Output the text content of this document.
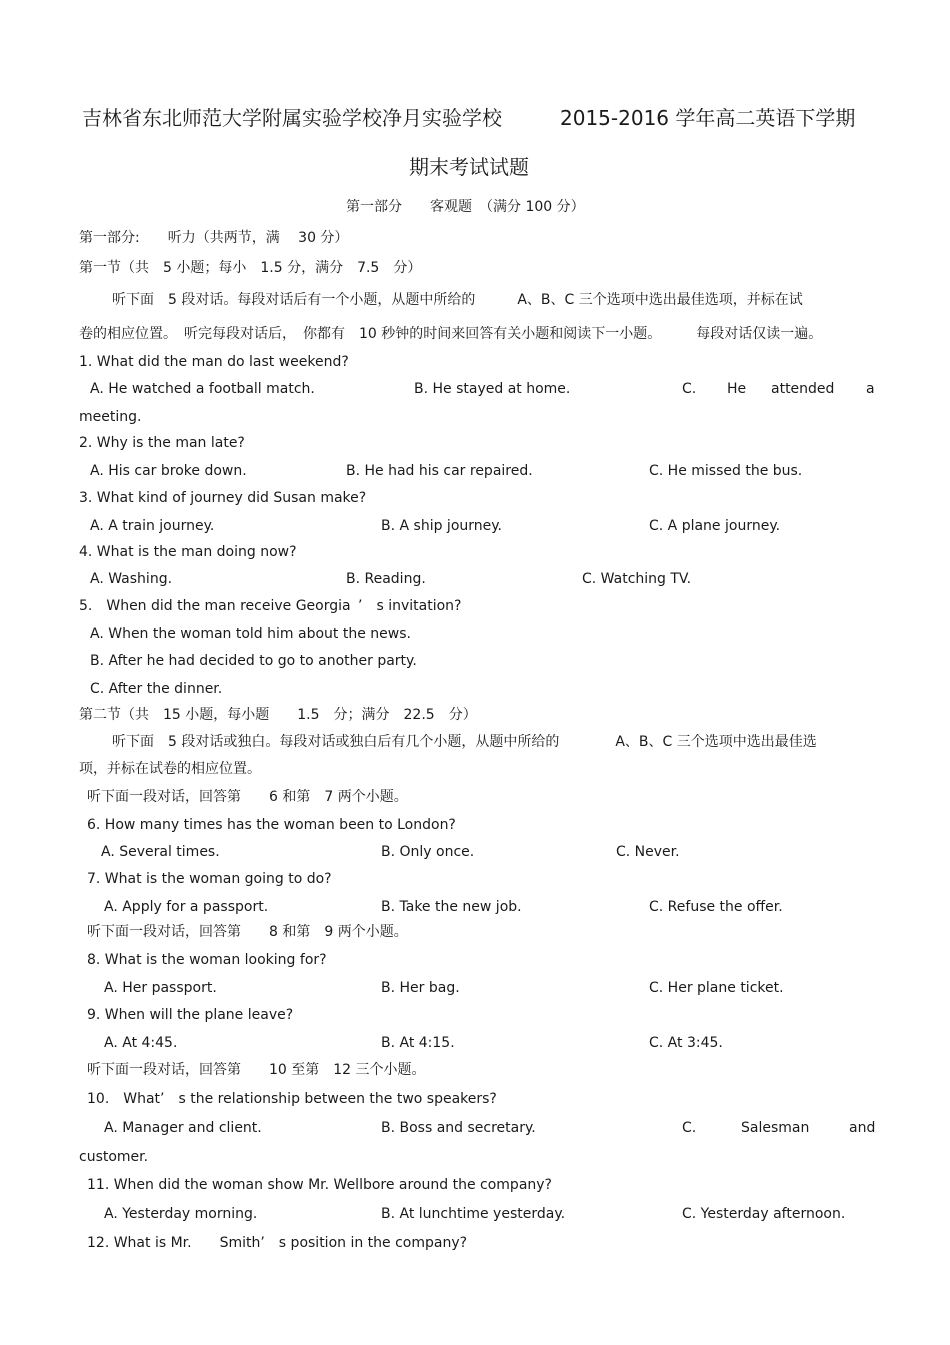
吉林省东北师范大学附属实验学校净月实验学校	2015-2016 学年高二英语下学期
期末考试试题
第一部分　　客观题　（满分 100 分）
第一部分:　　听力（共两节，满　 30 分）
第一节（共　5 小题；每小　1.5 分，满分　7.5　分）
听下面　5 段对话。每段对话后有一个小题，从题中所给的　　　A、B、C 三个选项中选出最佳选项，并标在试
卷的相应位置。　听完每段对话后，　你都有　10 秒钟的时间来回答有关小题和阅读下一小题。　　　每段对话仅读一遍。
1. What did the man do last weekend?
A. He watched a football match.	B. He stayed at home.	C. He attended a
meeting.
2. Why is the man late?
A. His car broke down.	B. He had his car repaired.	C. He missed the bus.
3. What kind of journey did Susan make?
A. A train journey.	B. A ship journey.	C. A plane journey.
4. What is the man doing now?
A. Washing.	B. Reading.	C. Watching TV.
5.　When did the man receive Georgia ’　s invitation?
A. When the woman told him about the news.
B. After he had decided to go to another party.
C. After the dinner.
第二节（共　15 小题，每小题　　1.5　分；满分　22.5　分）
听下面　5 段对话或独白。每段对话或独白后有几个小题，从题中所给的　　　　A、B、C 三个选项中选出最佳选
项，并标在试卷的相应位置。
听下面一段对话，回答第　　6 和第　7 两个小题。
6. How many times has the woman been to London?
A. Several times.	B. Only once.	C. Never.
7. What is the woman going to do?
A. Apply for a passport.	B. Take the new job.	C. Refuse the offer.
听下面一段对话，回答第　　8 和第　9 两个小题。
8. What is the woman looking for?
A. Her passport.	B. Her bag.	C. Her plane ticket.
9. When will the plane leave?
A. At 4:45.	B. At 4:15.	C. At 3:45.
听下面一段对话，回答第　　10 至第　12 三个小题。
10.　What’　s the relationship between the two speakers?
A. Manager and client.	B. Boss and secretary.	C.	Salesman	and
customer.
11. When did the woman show Mr. Wellbore around the company?
A. Yesterday morning.	B. At lunchtime yesterday.	C. Yesterday afternoon.
12. What is Mr.　　Smith’　s position in the company?
